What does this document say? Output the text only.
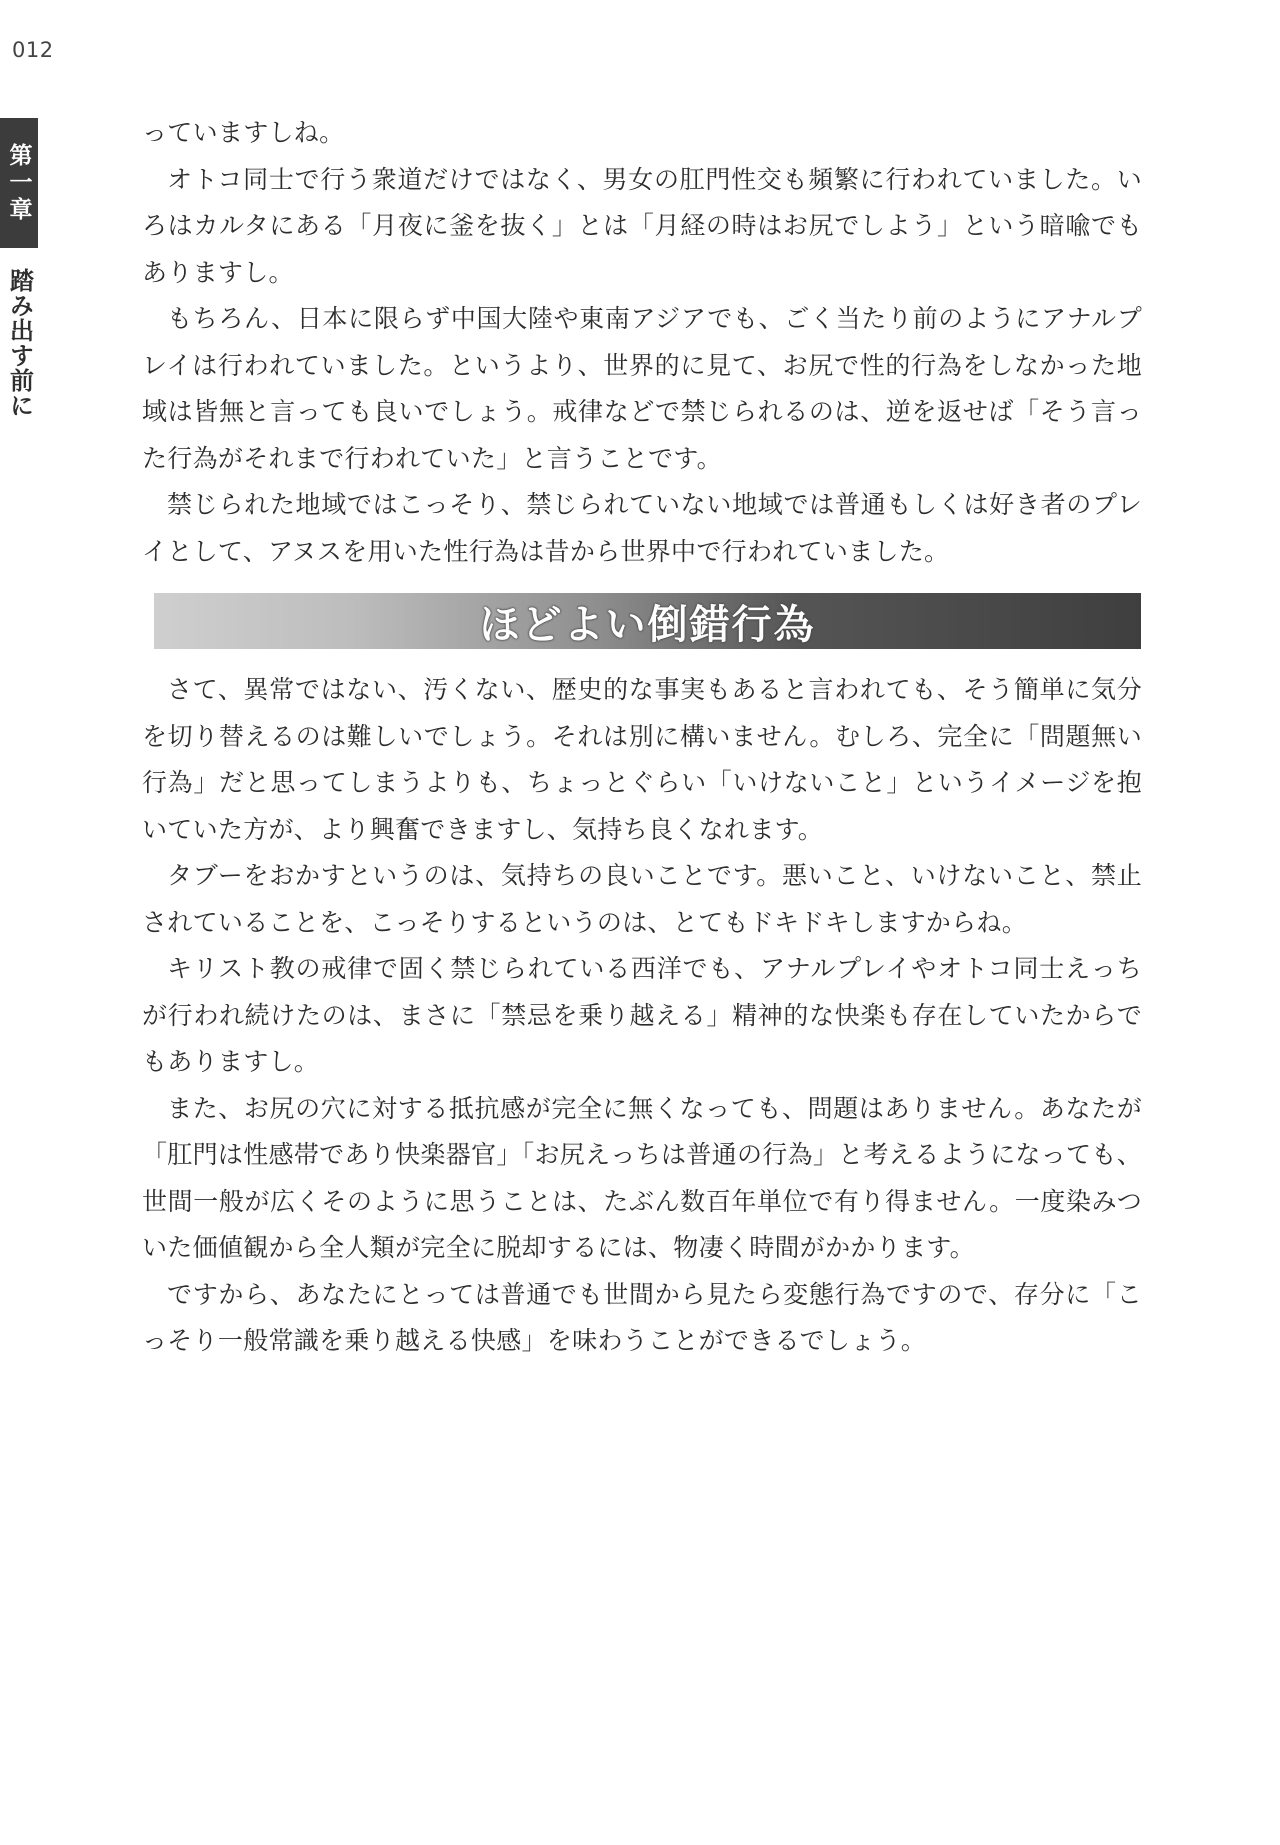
012
第一章
踏み出す前に

っていますしね。

オトコ同士で行う衆道だけではなく、男女の肛門性交も頻繁に行われていました。いろはカルタにある「月夜に釜を抜く」とは「月経の時はお尻でしよう」という暗喩でもありますし。

もちろん、日本に限らず中国大陸や東南アジアでも、ごく当たり前のようにアナルプレイは行われていました。というより、世界的に見て、お尻で性的行為をしなかった地域は皆無と言っても良いでしょう。戒律などで禁じられるのは、逆を返せば「そう言った行為がそれまで行われていた」と言うことです。

禁じられた地域ではこっそり、禁じられていない地域では普通もしくは好き者のプレイとして、アヌスを用いた性行為は昔から世界中で行われていました。

ほどよい倒錯行為

さて、異常ではない、汚くない、歴史的な事実もあると言われても、そう簡単に気分を切り替えるのは難しいでしょう。それは別に構いません。むしろ、完全に「問題無い行為」だと思ってしまうよりも、ちょっとぐらい「いけないこと」というイメージを抱いていた方が、より興奮できますし、気持ち良くなれます。

タブーをおかすというのは、気持ちの良いことです。悪いこと、いけないこと、禁止されていることを、こっそりするというのは、とてもドキドキしますからね。

キリスト教の戒律で固く禁じられている西洋でも、アナルプレイやオトコ同士えっちが行われ続けたのは、まさに「禁忌を乗り越える」精神的な快楽も存在していたからでもありますし。

また、お尻の穴に対する抵抗感が完全に無くなっても、問題はありません。あなたが「肛門は性感帯であり快楽器官」「お尻えっちは普通の行為」と考えるようになっても、世間一般が広くそのように思うことは、たぶん数百年単位で有り得ません。一度染みついた価値観から全人類が完全に脱却するには、物凄く時間がかかります。

ですから、あなたにとっては普通でも世間から見たら変態行為ですので、存分に「こっそり一般常識を乗り越える快感」を味わうことができるでしょう。
